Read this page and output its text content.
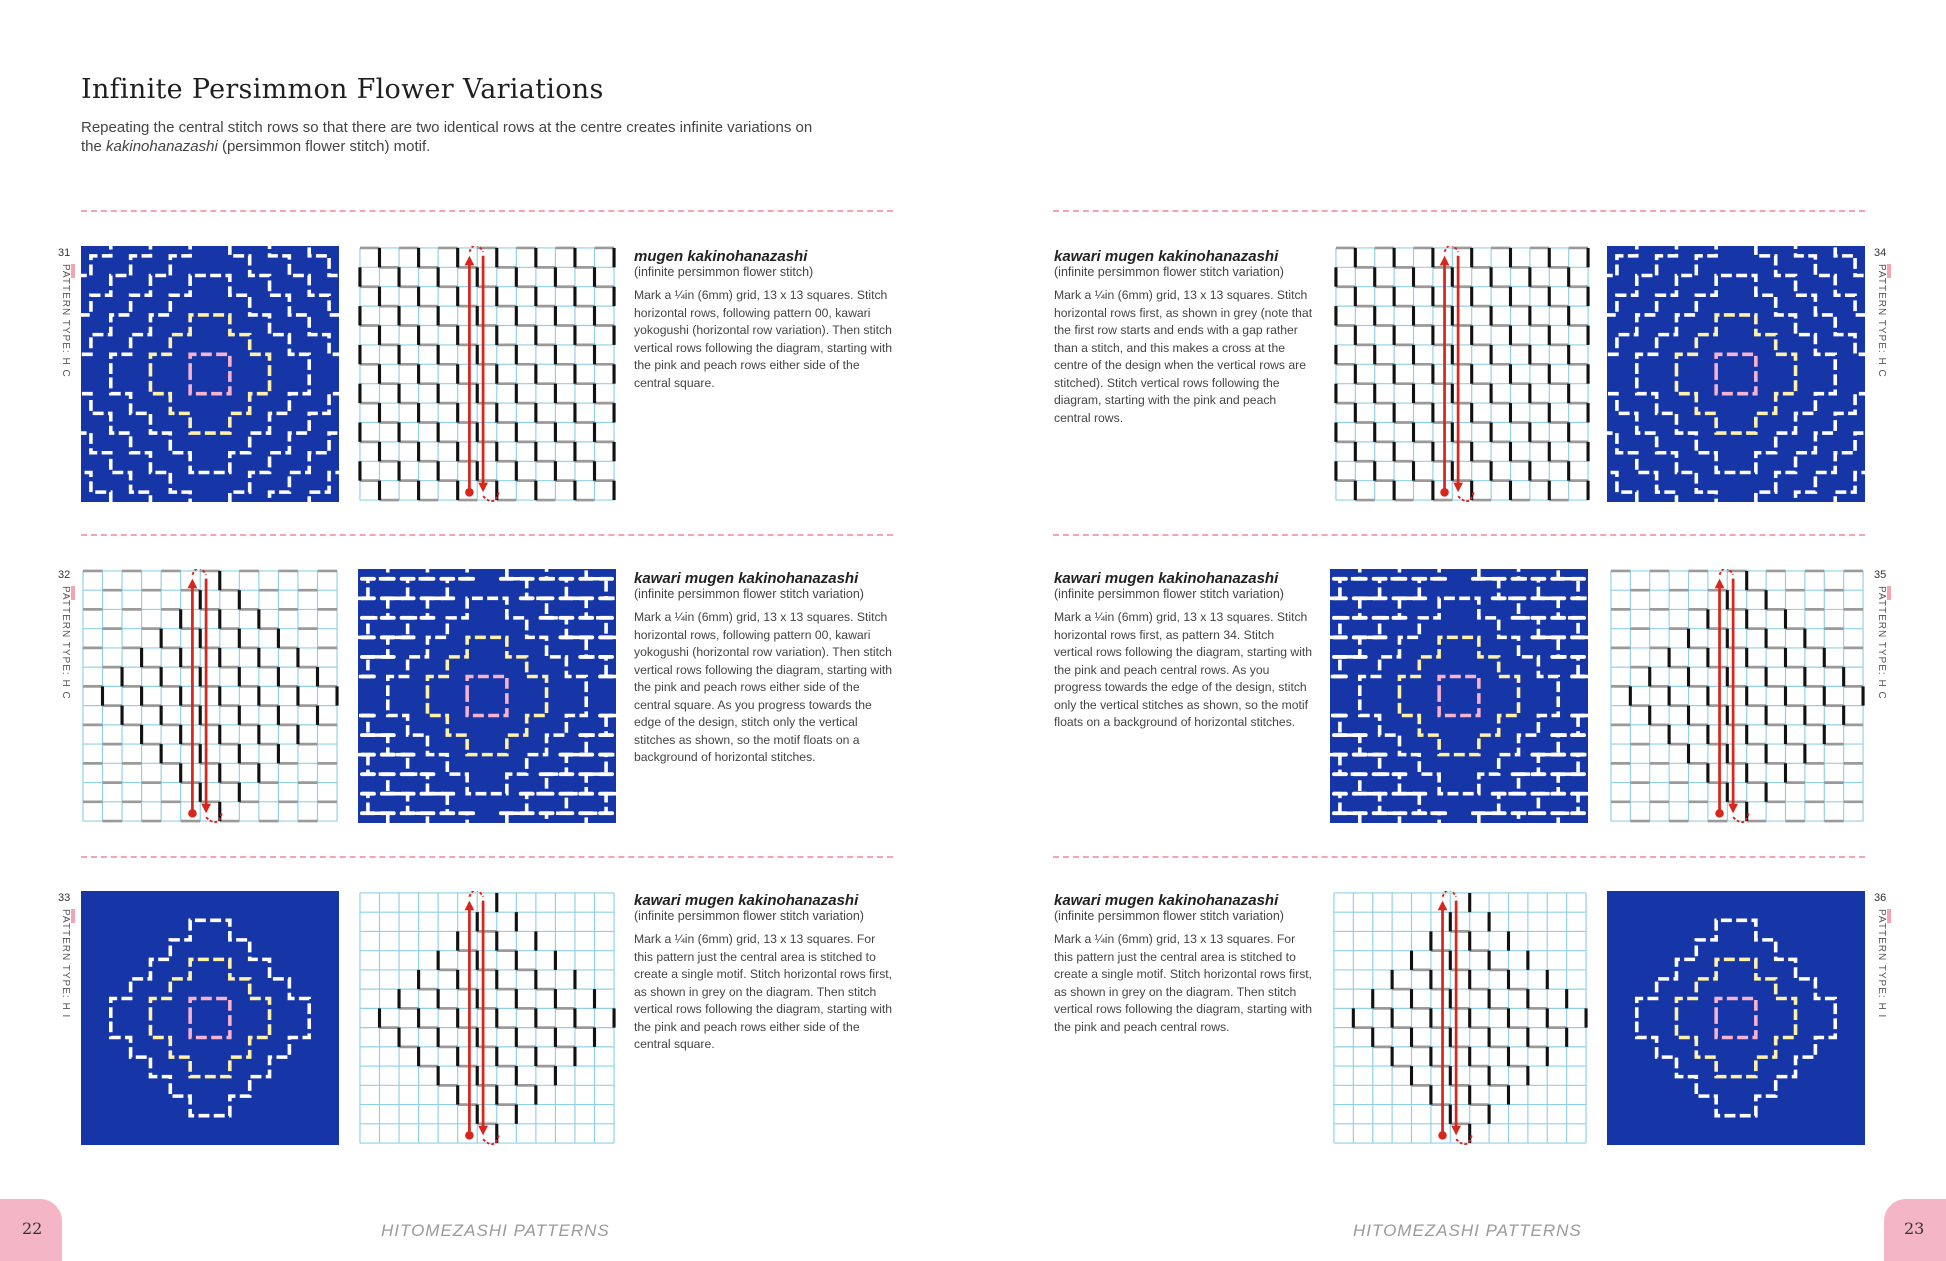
Infinite Persimmon Flower Variations
Repeating the central stitch rows so that there are two identical rows at the centre creates infinite variations on
the kakinohanazashi (persimmon flower stitch) motif.
31
PATTERN TYPE: H C
mugen kakinohanazashi
(infinite persimmon flower stitch)
Mark a ¼in (6mm) grid, 13 x 13 squares. Stitch horizontal rows, following pattern 00, kawari yokogushi (horizontal row variation). Then stitch vertical rows following the diagram, starting with the pink and peach rows either side of the central square.
32
PATTERN TYPE: H C
kawari mugen kakinohanazashi
(infinite persimmon flower stitch variation)
Mark a ¼in (6mm) grid, 13 x 13 squares. Stitch horizontal rows, following pattern 00, kawari yokogushi (horizontal row variation). Then stitch vertical rows following the diagram, starting with the pink and peach rows either side of the central square. As you progress towards the edge of the design, stitch only the vertical stitches as shown, so the motif floats on a background of horizontal stitches.
33
PATTERN TYPE: H I
kawari mugen kakinohanazashi
(infinite persimmon flower stitch variation)
Mark a ¼in (6mm) grid, 13 x 13 squares. For this pattern just the central area is stitched to create a single motif. Stitch horizontal rows first, as shown in grey on the diagram. Then stitch vertical rows following the diagram, starting with the pink and peach rows either side of the central square.
kawari mugen kakinohanazashi
(infinite persimmon flower stitch variation)
Mark a ¼in (6mm) grid, 13 x 13 squares. Stitch horizontal rows first, as shown in grey (note that the first row starts and ends with a gap rather than a stitch, and this makes a cross at the centre of the design when the vertical rows are stitched). Stitch vertical rows following the diagram, starting with the pink and peach central rows.
34
PATTERN TYPE: H C
kawari mugen kakinohanazashi
(infinite persimmon flower stitch variation)
Mark a ¼in (6mm) grid, 13 x 13 squares. Stitch horizontal rows first, as pattern 34. Stitch vertical rows following the diagram, starting with the pink and peach central rows. As you progress towards the edge of the design, stitch only the vertical stitches as shown, so the motif floats on a background of horizontal stitches.
35
PATTERN TYPE: H C
kawari mugen kakinohanazashi
(infinite persimmon flower stitch variation)
Mark a ¼in (6mm) grid, 13 x 13 squares. For this pattern just the central area is stitched to create a single motif. Stitch horizontal rows first, as shown in grey on the diagram. Then stitch vertical rows following the diagram, starting with the pink and peach central rows.
36
PATTERN TYPE: H I
22	HITOMEZASHI PATTERNS	HITOMEZASHI PATTERNS	23
